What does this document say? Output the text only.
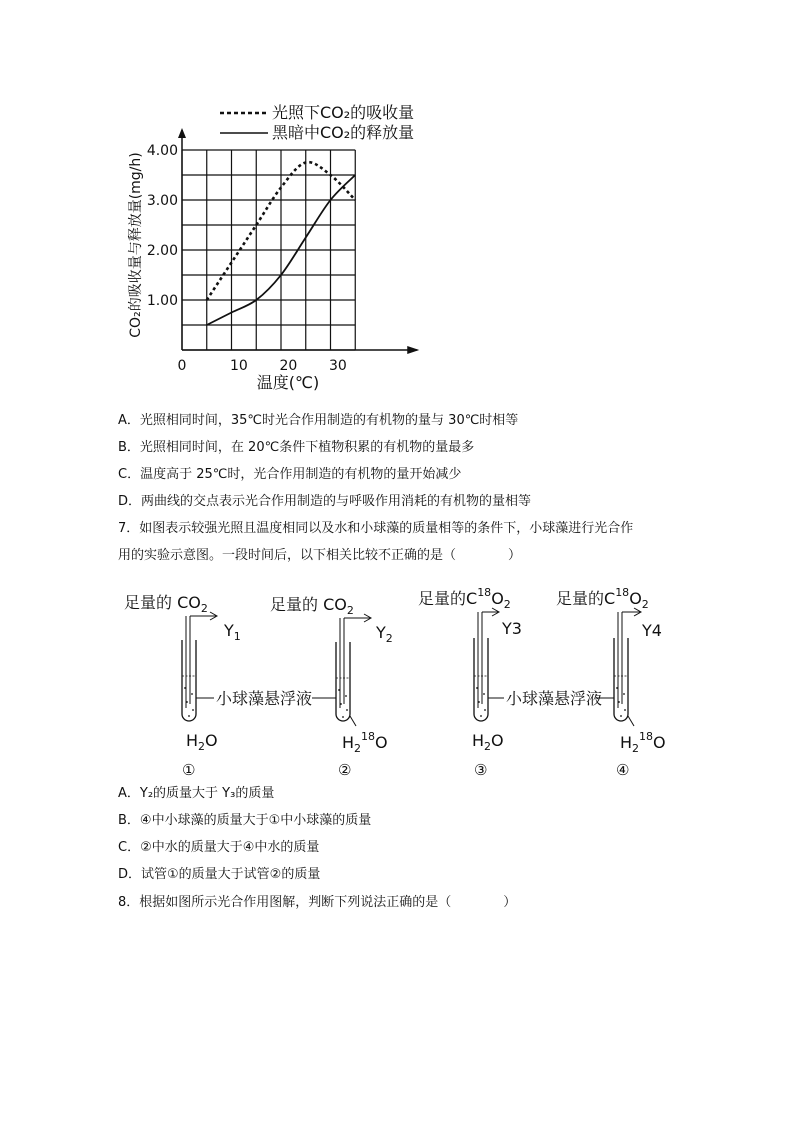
光照下CO₂的吸收量
黑暗中CO₂的释放量
CO₂的吸收量与释放量(mg/h)
0	10 20 30
1.00
2.00
3.00
4.00
温度(℃)
A．光照相同时间，35℃时光合作用制造的有机物的量与 30℃时相等
B．光照相同时间，在 20℃条件下植物积累的有机物的量最多
C．温度高于 25℃时，光合作用制造的有机物的量开始减少
D．两曲线的交点表示光合作用制造的与呼吸作用消耗的有机物的量相等
7．如图表示较强光照且温度相同以及水和小球藻的质量相等的条件下，小球藻进行光合作
用的实验示意图。一段时间后，以下相关比较不正确的是（　　　　）
足量的 $CO_2$	足量的 $CO_2$
足量的$C^{18}O_2$	足量的$C^{18}O_2$
$Y_1$	$Y_2$
Y3	Y4
小球藻悬浮液	小球藻悬浮液
$H_2O$	$H_2^{18}O$	$H_2O$	$H_2^{18}O$
①	②	③	④
A．Y₂的质量大于 Y₃的质量
B．④中小球藻的质量大于①中小球藻的质量
C．②中水的质量大于④中水的质量
D．试管①的质量大于试管②的质量
8．根据如图所示光合作用图解，判断下列说法正确的是（　　　　）
